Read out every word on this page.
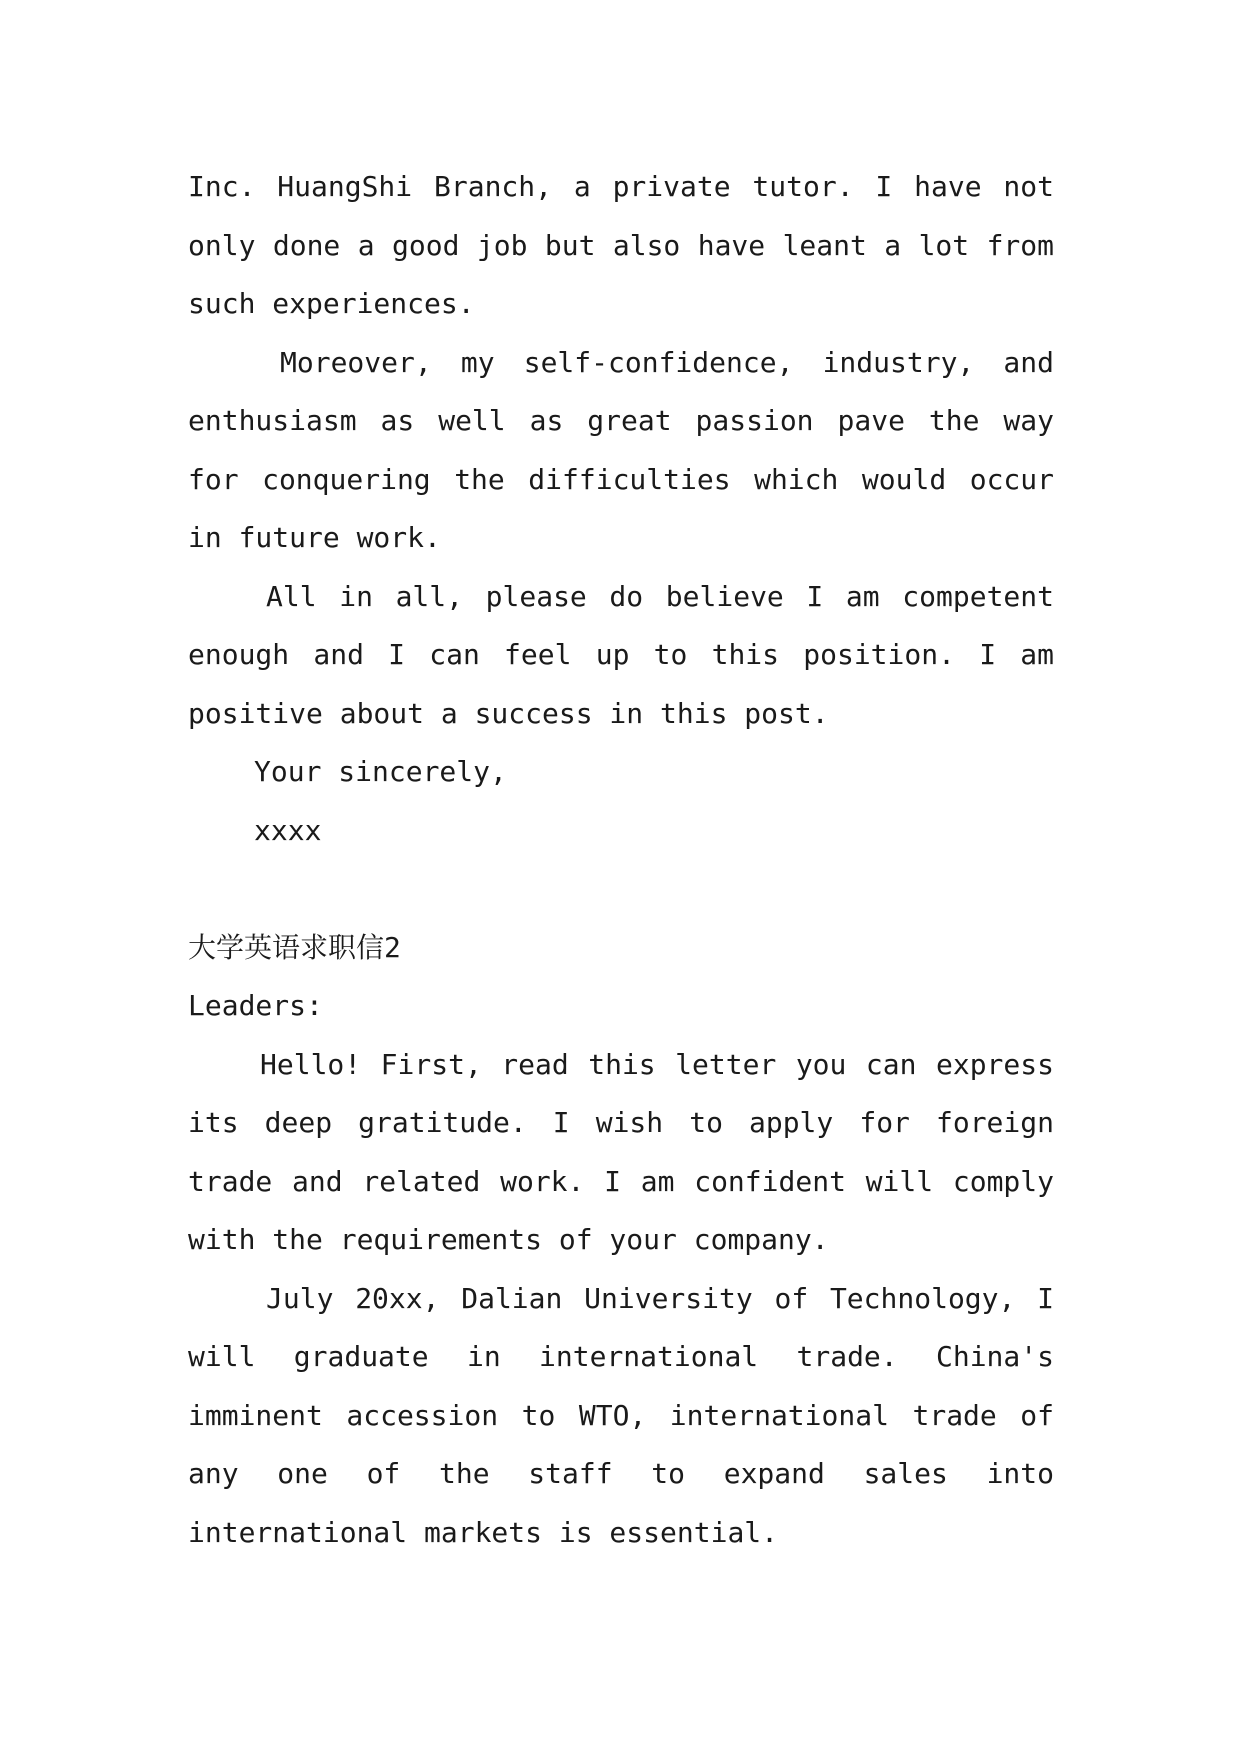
Inc. HuangShi Branch, a private tutor. I have not only done a good job but also have leant a lot from such experiences.

Moreover, my self-confidence, industry, and enthusiasm as well as great passion pave the way for conquering the difficulties which would occur in future work.

All in all, please do believe I am competent enough and I can feel up to this position. I am positive about a success in this post.

Your sincerely,

xxxx

大学英语求职信2

Leaders:

Hello! First, read this letter you can express its deep gratitude. I wish to apply for foreign trade and related work. I am confident will comply with the requirements of your company.

July 20xx, Dalian University of Technology, I will graduate in international trade. China's imminent accession to WTO, international trade of any one of the staff to expand sales into international markets is essential.
